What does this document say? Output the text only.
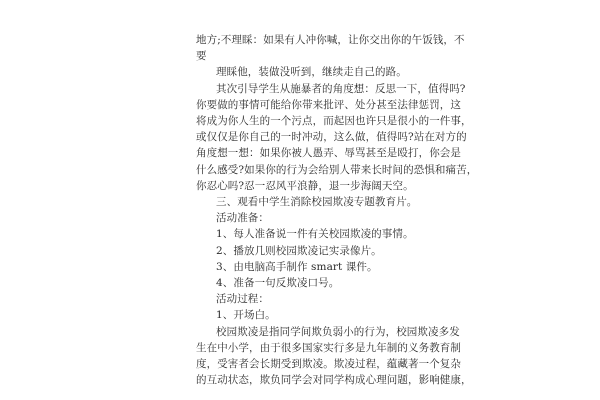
地方;不理睬：如果有人冲你喊，让你交出你的午饭钱，不
要
理睬他，装做没听到，继续走自己的路。
其次引导学生从施暴者的角度想：反思一下，值得吗?
你要做的事情可能给你带来批评、处分甚至法律惩罚，这
将成为你人生的一个污点，而起因也许只是很小的一件事，
或仅仅是你自己的一时冲动，这么做，值得吗?站在对方的
角度想一想：如果你被人愚弄、辱骂甚至是殴打，你会是
什么感受?如果你的行为会给别人带来长时间的恐惧和痛苦，
你忍心吗?忍一忍风平浪静，退一步海阔天空。
三、观看中学生消除校园欺凌专题教育片。
活动准备：
1、每人准备说一件有关校园欺凌的事情。
2、播放几则校园欺凌记实录像片。
3、由电脑高手制作 smart 课件。
4、准备一句反欺凌口号。
活动过程：
1、开场白。
校园欺凌是指同学间欺负弱小的行为，校园欺凌多发
生在中小学，由于很多国家实行多是九年制的义务教育制
度，受害者会长期受到欺凌。欺凌过程，蕴藏著一个复杂
的互动状态，欺负同学会对同学构成心理问题，影响健康，
